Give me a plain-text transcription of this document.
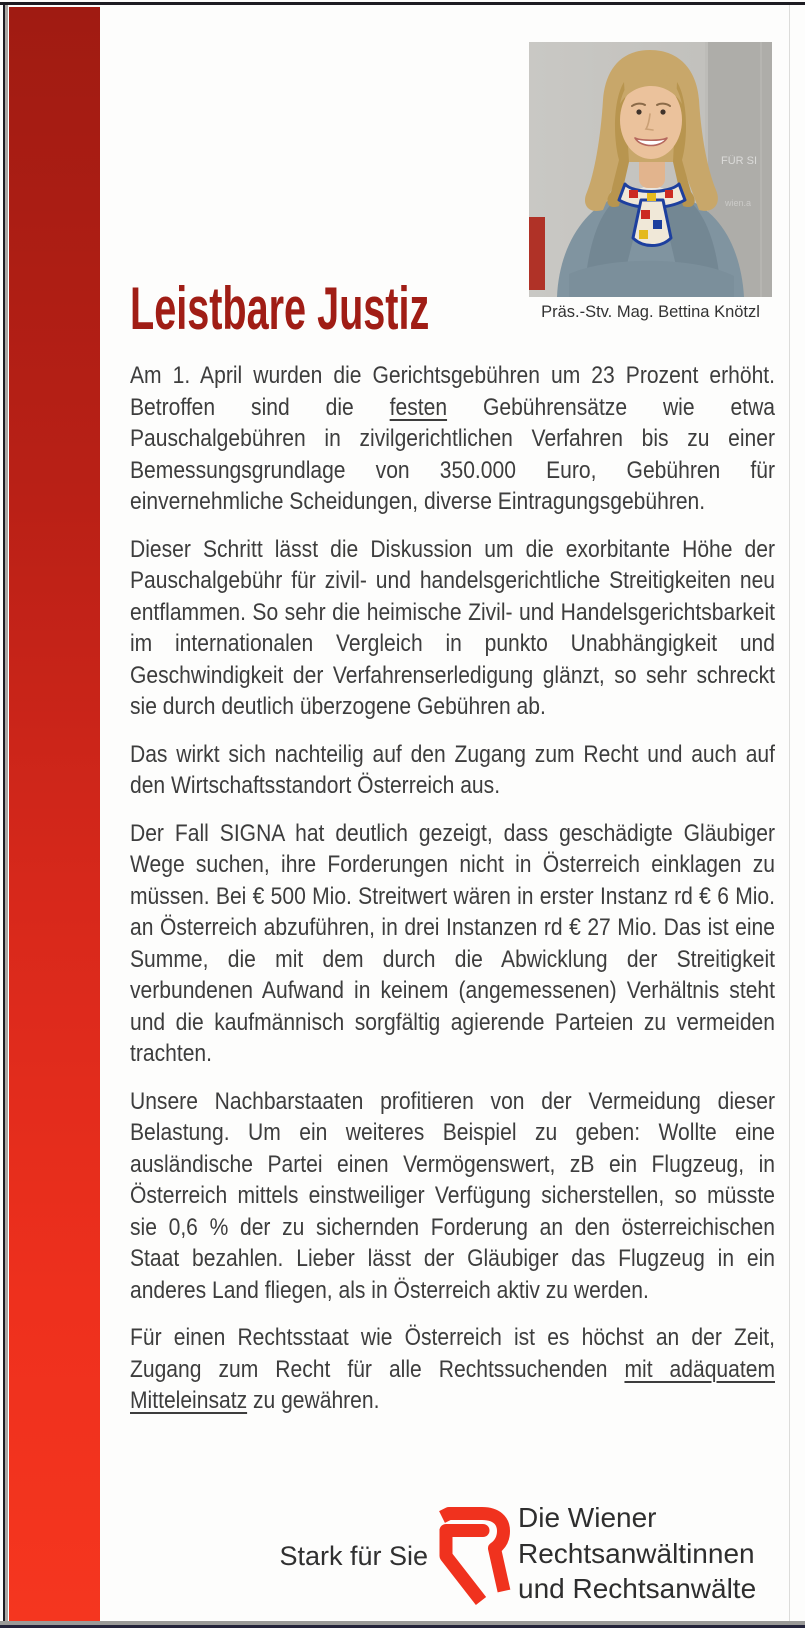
FÜR SI
wien.a
Präs.-Stv. Mag. Bettina Knötzl
Leistbare Justiz

Am 1. April wurden die Gerichtsgebühren um 23 Prozent erhöht. Betroffen sind die festen Gebührensätze wie etwa Pauschalgebühren in zivilgerichtlichen Verfahren bis zu einer Bemessungsgrundlage von 350.000 Euro, Gebühren für einvernehmliche Scheidungen, diverse Eintragungsgebühren.

Dieser Schritt lässt die Diskussion um die exorbitante Höhe der Pauschalgebühr für zivil- und handelsgerichtliche Streitigkeiten neu entflammen. So sehr die heimische Zivil- und Handelsgerichtsbarkeit im internationalen Vergleich in punkto Unabhängigkeit und Geschwindigkeit der Verfahrenserledigung glänzt, so sehr schreckt sie durch deutlich überzogene Gebühren ab.

Das wirkt sich nachteilig auf den Zugang zum Recht und auch auf den Wirtschaftsstandort Österreich aus.

Der Fall SIGNA hat deutlich gezeigt, dass geschädigte Gläubiger Wege suchen, ihre Forderungen nicht in Österreich einklagen zu müssen. Bei € 500 Mio. Streitwert wären in erster Instanz rd € 6 Mio. an Österreich abzuführen, in drei Instanzen rd € 27 Mio. Das ist eine Summe, die mit dem durch die Abwicklung der Streitigkeit verbundenen Aufwand in keinem (angemessenen) Verhältnis steht und die kaufmännisch sorgfältig agierende Parteien zu vermeiden trachten.

Unsere Nachbarstaaten profitieren von der Vermeidung dieser Belastung. Um ein weiteres Beispiel zu geben: Wollte eine ausländische Partei einen Vermögenswert, zB ein Flugzeug, in Österreich mittels einstweiliger Verfügung sicherstellen, so müsste sie 0,6 % der zu sichernden Forderung an den österreichischen Staat bezahlen. Lieber lässt der Gläubiger das Flugzeug in ein anderes Land fliegen, als in Österreich aktiv zu werden.

Für einen Rechtsstaat wie Österreich ist es höchst an der Zeit, Zugang zum Recht für alle Rechtssuchenden mit adäquatem Mitteleinsatz zu gewähren.

Stark für Sie
Die Wiener
Rechtsanwältinnen
und Rechtsanwälte
